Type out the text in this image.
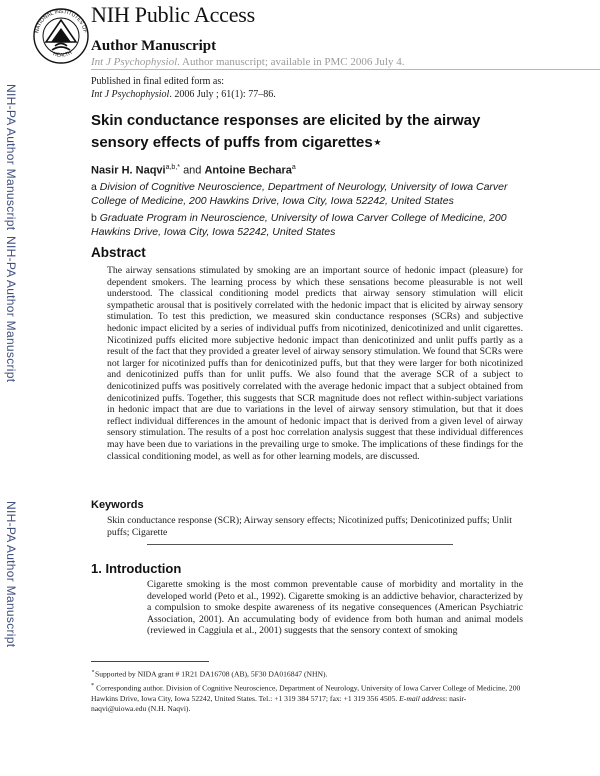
NATIONAL INSTITUTES OF
HEALTH
NIH Public Access
Author Manuscript
Int J Psychophysiol. Author manuscript; available in PMC 2006 July 4.
Published in final edited form as:
Int J Psychophysiol. 2006 July ; 61(1): 77–86.
NIH-PA Author Manuscript
NIH-PA Author Manuscript
NIH-PA Author Manuscript
Skin conductance responses are elicited by the airway sensory effects of puffs from cigarettes⋆
Nasir H. Naqvi$^{a,b,*}$ and Antoine Bechara$^a$
a Division of Cognitive Neuroscience, Department of Neurology, University of Iowa Carver College of Medicine, 200 Hawkins Drive, Iowa City, Iowa 52242, United States
b Graduate Program in Neuroscience, University of Iowa Carver College of Medicine, 200 Hawkins Drive, Iowa City, Iowa 52242, United States
Abstract
The airway sensations stimulated by smoking are an important source of hedonic impact (pleasure) for dependent smokers. The learning process by which these sensations become pleasurable is not well understood. The classical conditioning model predicts that airway sensory stimulation will elicit sympathetic arousal that is positively correlated with the hedonic impact that is elicited by airway sensory stimulation. To test this prediction, we measured skin conductance responses (SCRs) and subjective hedonic impact elicited by a series of individual puffs from nicotinized, denicotinized and unlit cigarettes. Nicotinized puffs elicited more subjective hedonic impact than denicotinized and unlit puffs partly as a result of the fact that they provided a greater level of airway sensory stimulation. We found that SCRs were not larger for nicotinized puffs than for denicotinized puffs, but that they were larger for both nicotinized and denicotinized puffs than for unlit puffs. We also found that the average SCR of a subject to denicotinized puffs was positively correlated with the average hedonic impact that a subject obtained from denicotinized puffs. Together, this suggests that SCR magnitude does not reflect within-subject variations in hedonic impact that are due to variations in the level of airway sensory stimulation, but that it does reflect individual differences in the amount of hedonic impact that is derived from a given level of airway sensory stimulation. The results of a post hoc correlation analysis suggest that these individual differences may have been due to variations in the prevailing urge to smoke. The implications of these findings for the classical conditioning model, as well as for other learning models, are discussed.
Keywords
Skin conductance response (SCR); Airway sensory effects; Nicotinized puffs; Denicotinized puffs; Unlit puffs; Cigarette
1. Introduction
Cigarette smoking is the most common preventable cause of morbidity and mortality in the developed world (Peto et al., 1992). Cigarette smoking is an addictive behavior, characterized by a compulsion to smoke despite awareness of its negative consequences (American Psychiatric Association, 2001). An accumulating body of evidence from both human and animal models (reviewed in Caggiula et al., 2001) suggests that the sensory context of smoking
⋆Supported by NIDA grant # 1R21 DA16708 (AB), 5F30 DA016847 (NHN).
* Corresponding author. Division of Cognitive Neuroscience, Department of Neurology, University of Iowa Carver College of Medicine, 200 Hawkins Drive, Iowa City, Iowa 52242, United States. Tel.: +1 319 384 5717; fax: +1 319 356 4505. E-mail address: nasir-naqvi@uiowa.edu (N.H. Naqvi).
